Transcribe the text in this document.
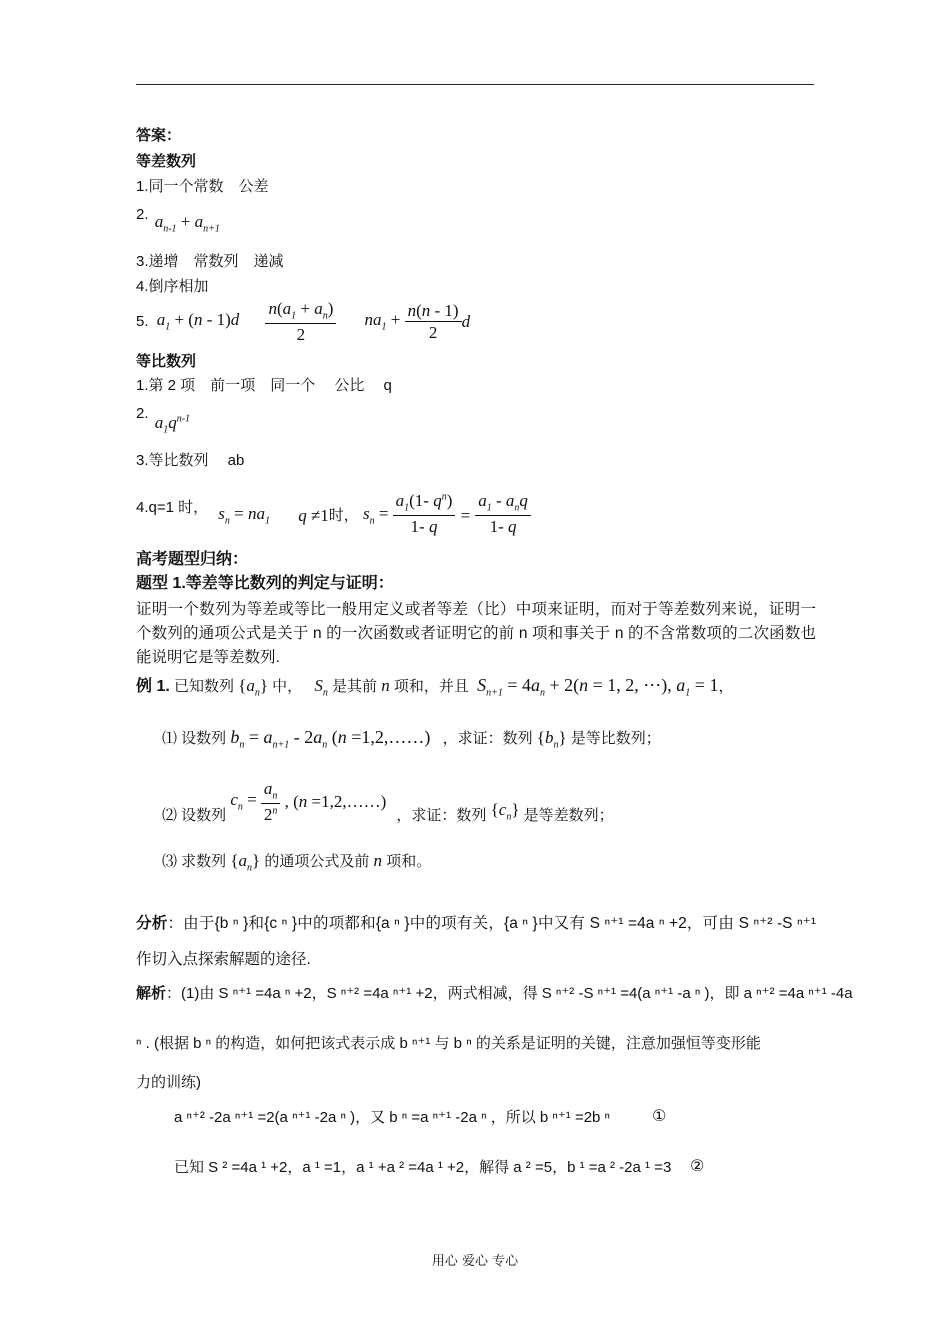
答案：
等差数列
1.同一个常数　公差
2. $a_{n-1} + a_{n+1}$
3.递增　常数列　递减
4.倒序相加
5. $a_1 + (n - 1)d \frac{n(a_1 + a_n)}{2} na_1 + \frac{n(n - 1)}{2}$ d
等比数列
1.第 2 项　前一项　同一个　 公比　 q
2. $a_1q^{n-1}$
3.等比数列　 ab
4.q=1 时， $s_n = na_1$ q ≠1时， $s_n = \frac{a_1(1- q^n)}{1- q} = \frac{a_1 - a_nq}{1- q}$
高考题型归纳：
题型 1.等差等比数列的判定与证明：
证明一个数列为等差或等比一般用定义或者等差（比）中项来证明，而对于等差数列来说，证明一个数列的通项公式是关于 n 的一次函数或者证明它的前 n 项和事关于 n 的不含常数项的二次函数也能说明它是等差数列.
例 1. 已知数列 $\{a_n\}$ 中， $S_n$ 是其前 n 项和，并且 $S_{n+1} = 4a_n + 2(n = 1$, 2, ⋯), $a_1 = 1$，
⑴ 设数列 $b_n = a_{n+1} - 2a_n$ (n =1,2,……) ，求证：数列 $\{b_n\}$ 是等比数列；
⑵ 设数列 $c_n = \frac{a_n}{2^n}$ , (n =1,2,……) ，求证：数列 $\{c_n\}$ 是等差数列；
⑶ 求数列 $\{a_n\}$ 的通项公式及前 n 项和。
分析：由于{b ⁿ }和{c ⁿ }中的项都和{a ⁿ }中的项有关，{a ⁿ }中又有 S ⁿ⁺¹ =4a ⁿ +2，可由 S ⁿ⁺² -S ⁿ⁺¹ 作切入点探索解题的途径.
解析：(1)由 S ⁿ⁺¹ =4a ⁿ +2，S ⁿ⁺² =4a ⁿ⁺¹ +2，两式相减，得 S ⁿ⁺² -S ⁿ⁺¹ =4(a ⁿ⁺¹ -a ⁿ )，即 a ⁿ⁺² =4a ⁿ⁺¹ -4a
ⁿ . (根据 b ⁿ 的构造，如何把该式表示成 b ⁿ⁺¹ 与 b ⁿ 的关系是证明的关键，注意加强恒等变形能
力的训练)
a ⁿ⁺² -2a ⁿ⁺¹ =2(a ⁿ⁺¹ -2a ⁿ )，又 b ⁿ =a ⁿ⁺¹ -2a ⁿ ，所以 b ⁿ⁺¹ =2b ⁿ	①
已知 S ² =4a ¹ +2，a ¹ =1，a ¹ +a ² =4a ¹ +2，解得 a ² =5，b ¹ =a ² -2a ¹ =3 ②
用心 爱心 专心
